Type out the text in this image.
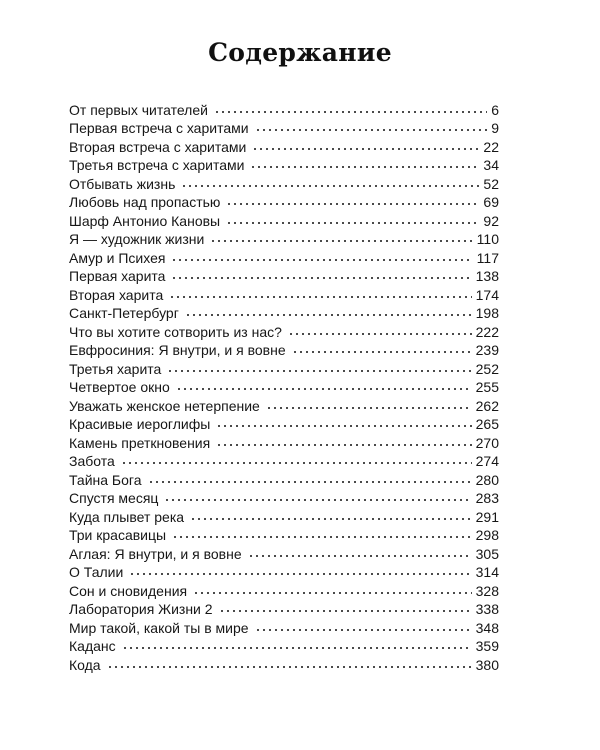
Содержание
От первых читателей	6
Первая встреча с харитами	9
Вторая встреча с харитами	22
Третья встреча с харитами	34
Отбывать жизнь	52
Любовь над пропастью	69
Шарф Антонио Кановы	92
Я — художник жизни	110
Амур и Психея	117
Первая харита	138
Вторая харита	174
Санкт-Петербург	198
Что вы хотите сотворить из нас?	222
Евфросиния: Я внутри, и я вовне	239
Третья харита	252
Четвертое окно	255
Уважать женское нетерпение	262
Красивые иероглифы	265
Камень преткновения	270
Забота	274
Тайна Бога	280
Спустя месяц	283
Куда плывет река	291
Три красавицы	298
Аглая: Я внутри, и я вовне	305
О Талии	314
Сон и сновидения	328
Лаборатория Жизни 2	338
Мир такой, какой ты в мире	348
Каданс	359
Кода	380
